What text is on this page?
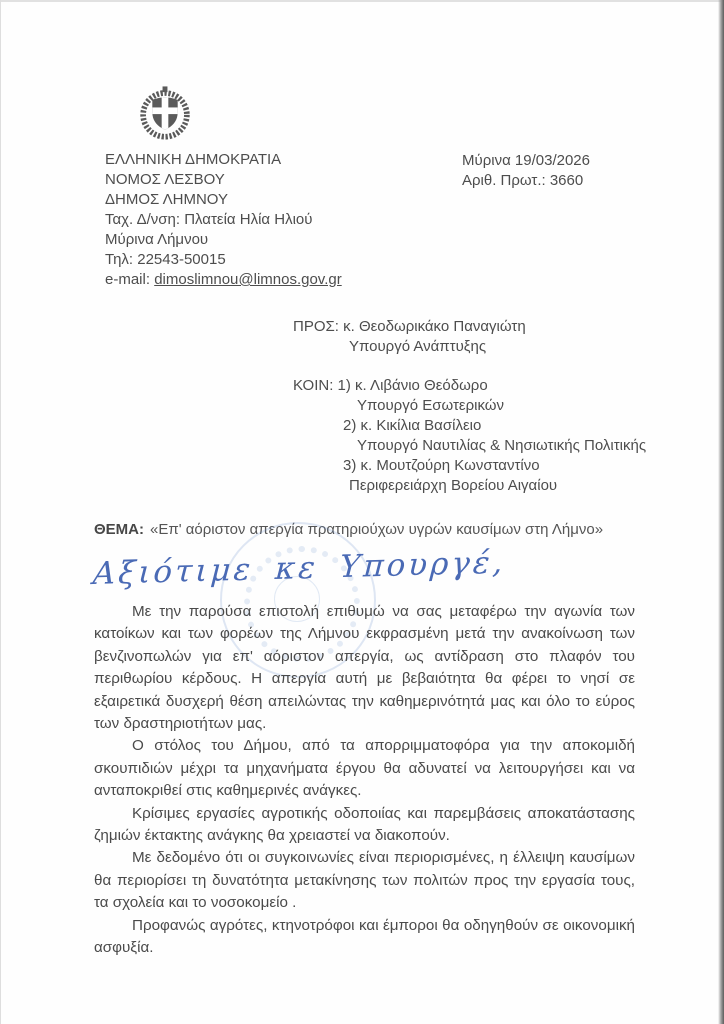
ΕΛΛΗΝΙΚΗ ΔΗΜΟΚΡΑΤΙΑ
ΝΟΜΟΣ ΛΕΣΒΟΥ
ΔΗΜΟΣ ΛΗΜΝΟΥ
Ταχ. Δ/νση: Πλατεία Ηλία Ηλιού
Μύρινα Λήμνου
Τηλ: 22543-50015
e-mail: dimoslimnou@limnos.gov.gr
Μύρινα 19/03/2026
Αριθ. Πρωτ.: 3660
ΠΡΟΣ: κ. Θεοδωρικάκο Παναγιώτη
Υπουργό Ανάπτυξης
ΚΟΙΝ: 1) κ. Λιβάνιο Θεόδωρο
Υπουργό Εσωτερικών
2) κ. Κικίλια Βασίλειο
Υπουργό Ναυτιλίας & Νησιωτικής Πολιτικής
3) κ. Μουτζούρη Κωνσταντίνο
Περιφερειάρχη Βορείου Αιγαίου
ΘΕΜΑ: «Επ' αόριστον απεργία πρατηριούχων υγρών καυσίμων στη Λήμνο»
Αξιότιμε κε Υπουργέ,

Με την παρούσα επιστολή επιθυμώ να σας μεταφέρω την αγωνία των κατοίκων και των φορέων της Λήμνου εκφρασμένη μετά την ανακοίνωση των βενζινοπωλών για επ' αόριστον απεργία, ως αντίδραση στο πλαφόν του περιθωρίου κέρδους. Η απεργία αυτή με βεβαιότητα θα φέρει το νησί σε εξαιρετικά δυσχερή θέση απειλώντας την καθημερινότητά μας και όλο το εύρος των δραστηριοτήτων μας.

Ο στόλος του Δήμου, από τα απορριμματοφόρα για την αποκομιδή σκουπιδιών μέχρι τα μηχανήματα έργου θα αδυνατεί να λειτουργήσει και να ανταποκριθεί στις καθημερινές ανάγκες.

Κρίσιμες εργασίες αγροτικής οδοποιίας και παρεμβάσεις αποκατάστασης ζημιών έκτακτης ανάγκης θα χρειαστεί να διακοπούν.

Με δεδομένο ότι οι συγκοινωνίες είναι περιορισμένες, η έλλειψη καυσίμων θα περιορίσει τη δυνατότητα μετακίνησης των πολιτών προς την εργασία τους, τα σχολεία και το νοσοκομείο .

Προφανώς αγρότες, κτηνοτρόφοι και έμποροι θα οδηγηθούν σε οικονομική ασφυξία.
